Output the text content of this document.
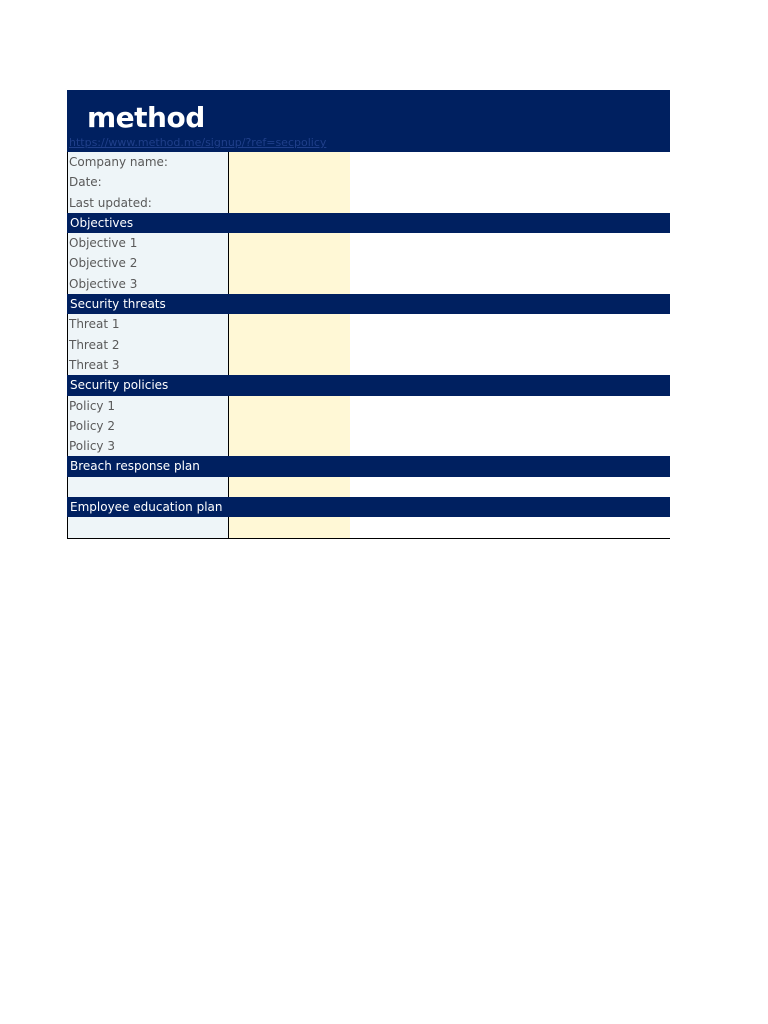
method
https://www.method.me/signup/?ref=secpolicy
Company name:
Date:
Last updated:
Objectives
Objective 1
Objective 2
Objective 3
Security threats
Threat 1
Threat 2
Threat 3
Security policies
Policy 1
Policy 2
Policy 3
Breach response plan
Employee education plan
